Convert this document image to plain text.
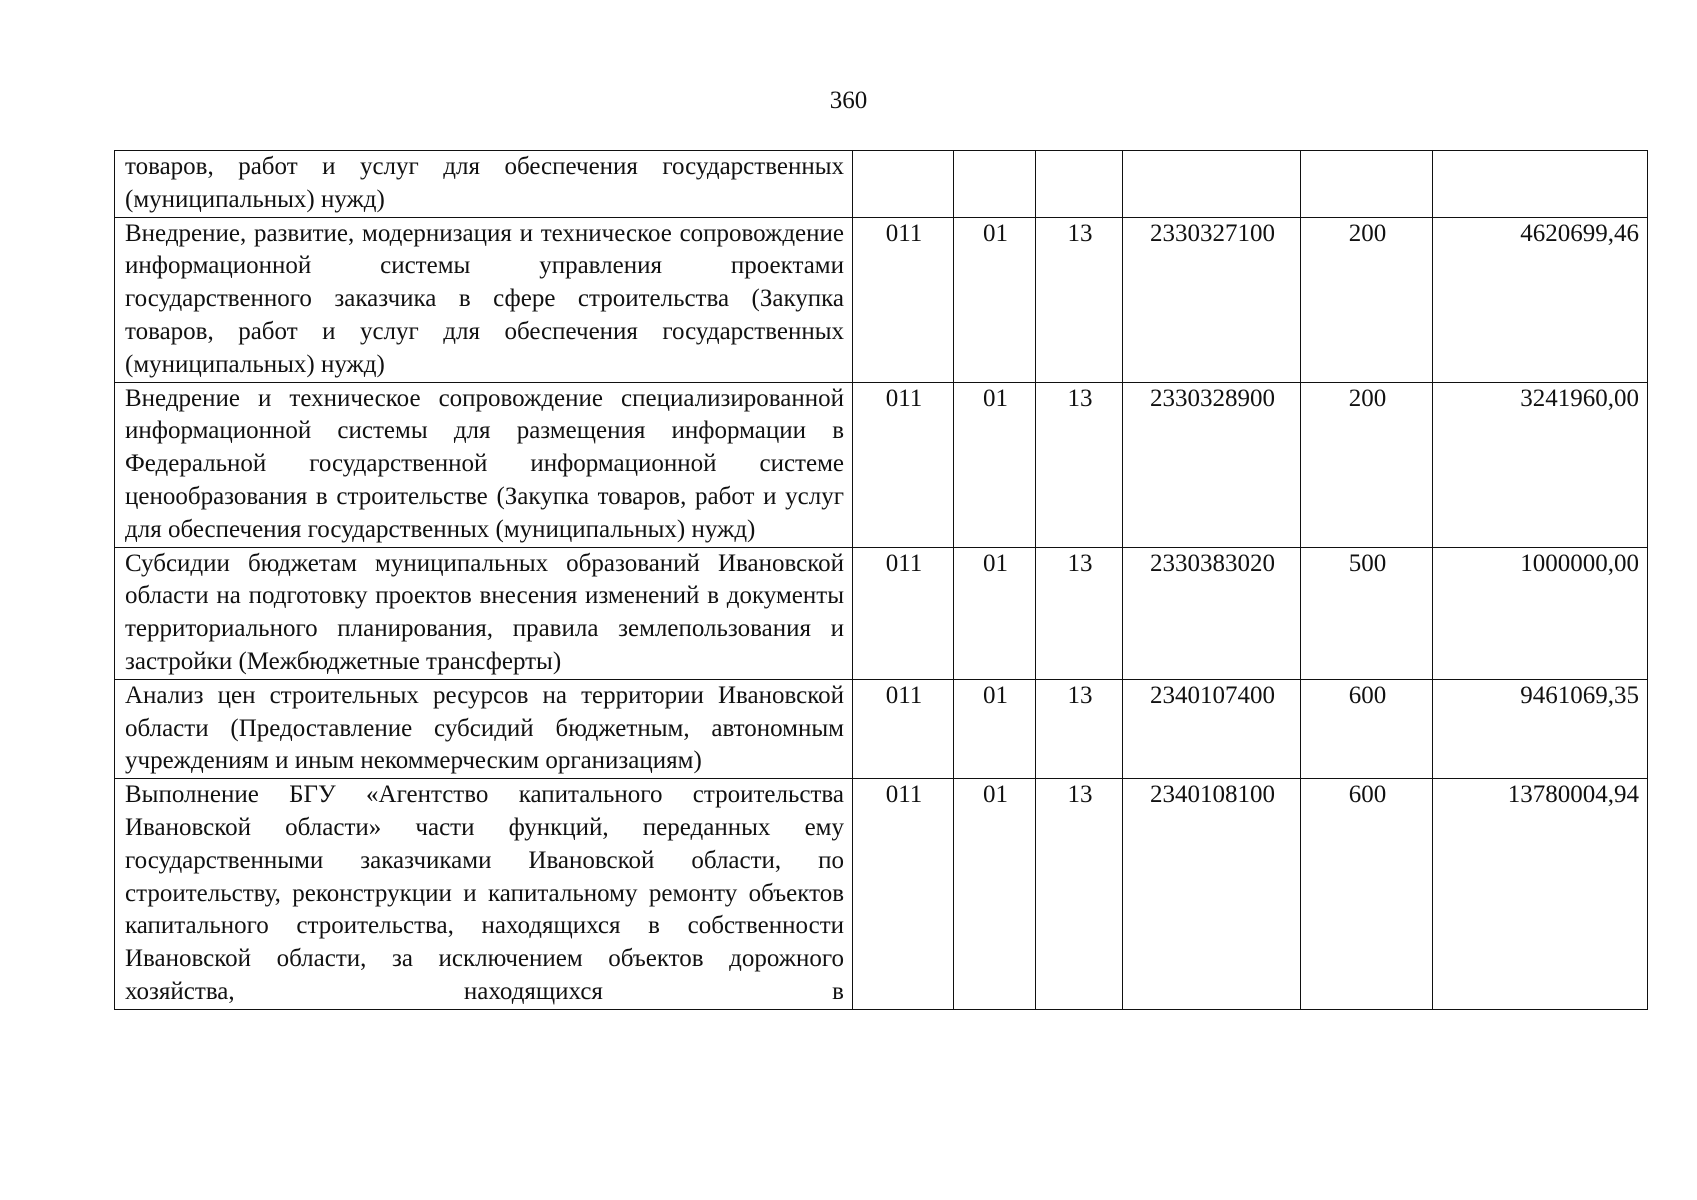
360
товаров, работ и услуг для обеспечения государственных (муниципальных) нужд)						
Внедрение, развитие, модернизация и техническое сопровождение информационной системы управления проектами государственного заказчика в сфере строительства (Закупка товаров, работ и услуг для обеспечения государственных (муниципальных) нужд)	011	01	13	2330327100	200	4620699,46
Внедрение и техническое сопровождение специализированной информационной системы для размещения информации в Федеральной государственной информационной системе ценообразования в строительстве (Закупка товаров, работ и услуг для обеспечения государственных (муниципальных) нужд)	011	01	13	2330328900	200	3241960,00
Субсидии бюджетам муниципальных образований Ивановской области на подготовку проектов внесения изменений в документы территориального планирования, правила землепользования и застройки (Межбюджетные трансферты)	011	01	13	2330383020	500	1000000,00
Анализ цен строительных ресурсов на территории Ивановской области (Предоставление субсидий бюджетным, автономным учреждениям и иным некоммерческим организациям)	011	01	13	2340107400	600	9461069,35
Выполнение БГУ «Агентство капитального строительства Ивановской области» части функций, переданных ему государственными заказчиками Ивановской области, по строительству, реконструкции и капитальному ремонту объектов капитального строительства, находящихся в собственности Ивановской области, за исключением объектов дорожного хозяйства, находящихся в	011	01	13	2340108100	600	13780004,94
